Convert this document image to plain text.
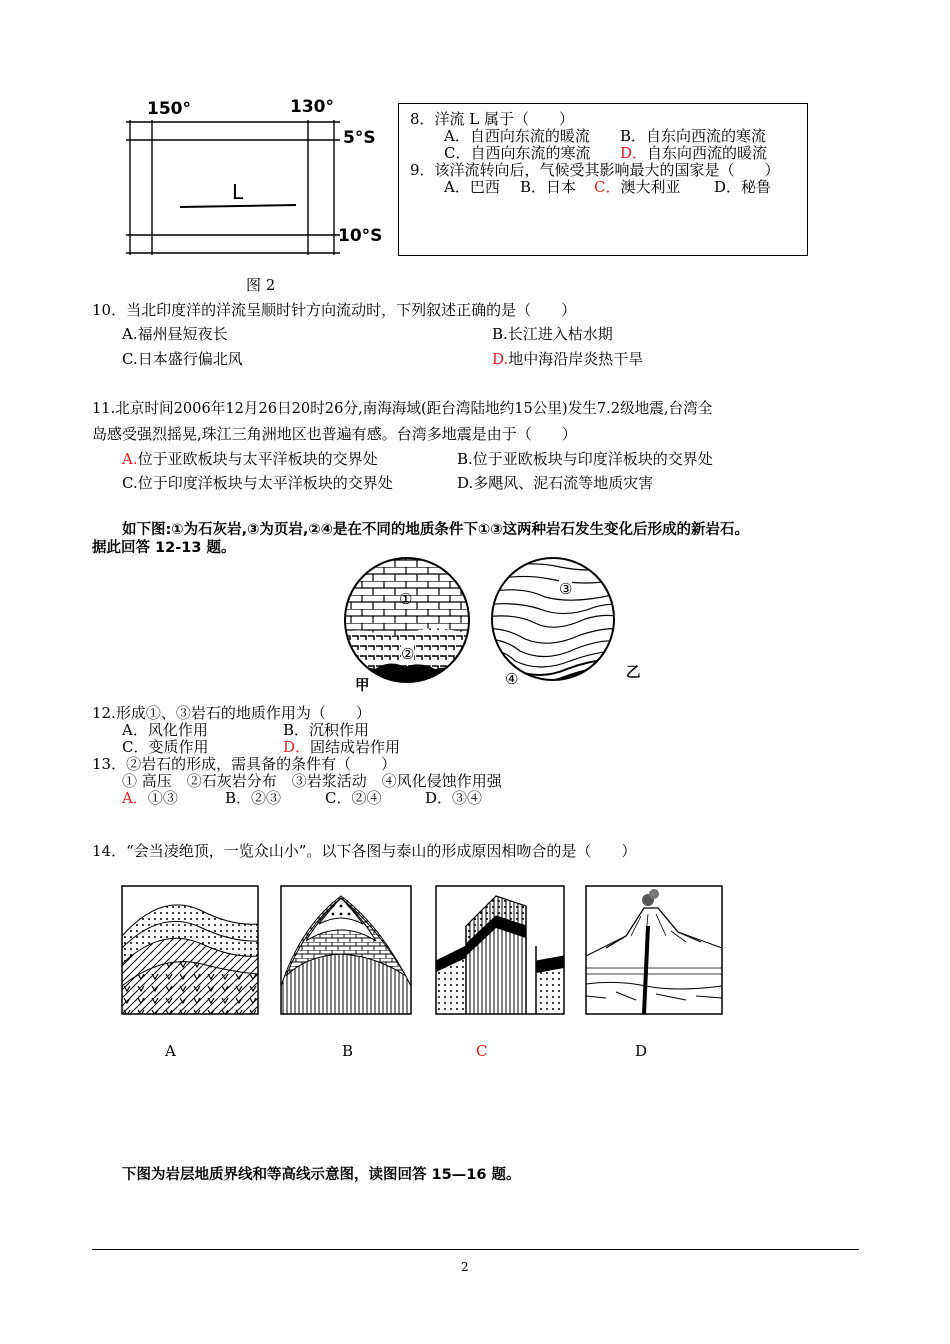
150°	130°
5°S
10°S
L
图 2
8．洋流 L 属于（　　）
A．自西向东流的暖流 B．自东向西流的寒流
C．自西向东流的寒流 D．自东向西流的暖流
9．该洋流转向后，气候受其影响最大的国家是（　　）
A．巴西 B．日本 C．澳大利亚 D．秘鲁
10．当北印度洋的洋流呈顺时针方向流动时，下列叙述正确的是（　　）
A.福州昼短夜长	B.长江进入枯水期
C.日本盛行偏北风	D.地中海沿岸炎热干旱
11.北京时间2006年12月26日20时26分,南海海域(距台湾陆地约15公里)发生7.2级地震,台湾全
岛感受强烈摇晃,珠江三角洲地区也普遍有感。台湾多地震是由于（　　）
A.位于亚欧板块与太平洋板块的交界处	B.位于亚欧板块与印度洋板块的交界处
C.位于印度洋板块与太平洋板块的交界处	D.多飓风、泥石流等地质灾害
如下图:①为石灰岩,③为页岩,②④是在不同的地质条件下①③这两种岩石发生变化后形成的新岩石。
据此回答 12-13 题。
①
②
③
④
甲
乙
12.形成①、③岩石的地质作用为（　　）
A．风化作用	B．沉积作用
C．变质作用	D．固结成岩作用
13．②岩石的形成，需具备的条件有（　　）
① 高压　②石灰岩分布　③岩浆活动　④风化侵蚀作用强
A．①③	B．②③	C．②④	D．③④
14．“会当凌绝顶，一览众山小”。以下各图与泰山的形成原因相吻合的是（　　）
A	B	C	D
下图为岩层地质界线和等高线示意图，读图回答 15—16 题。
2
